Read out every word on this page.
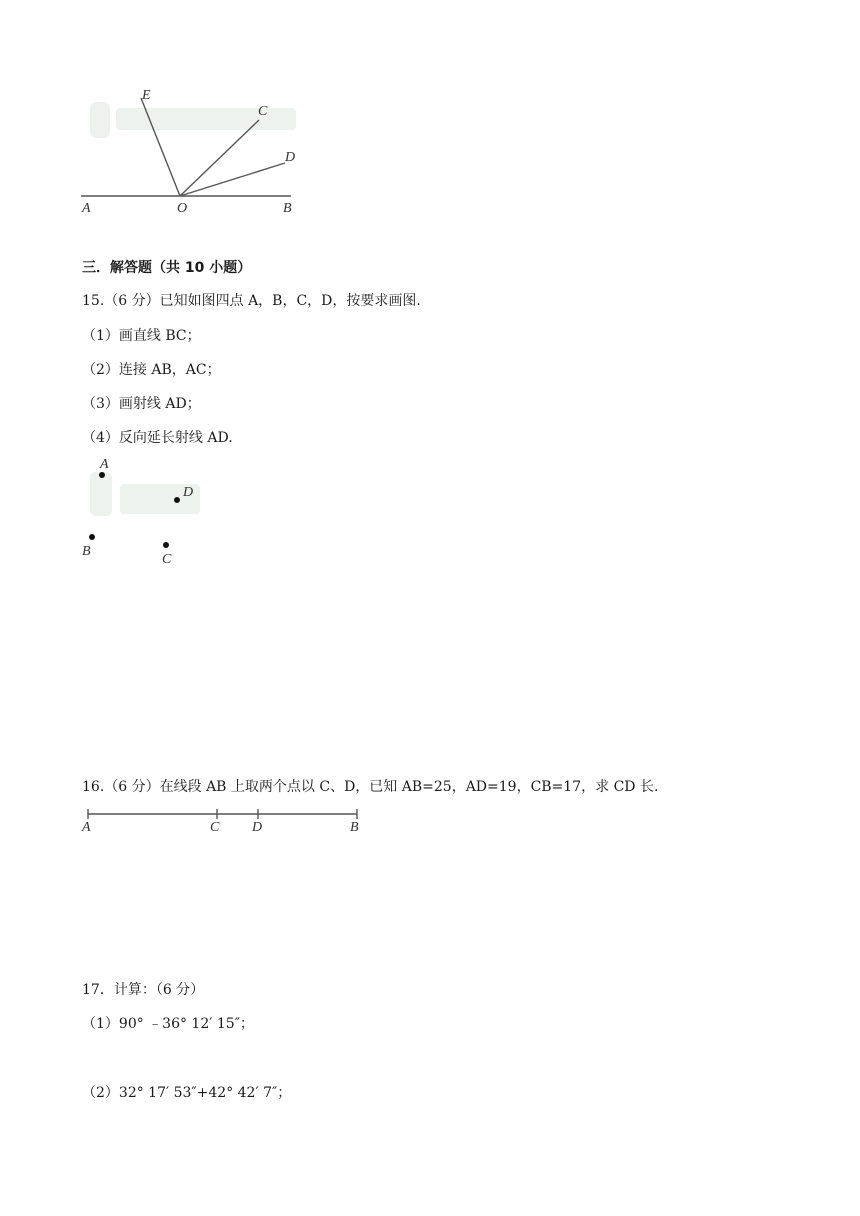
E
C
D
A	O	B
三．解答题（共 10 小题）
15.（6 分）已知如图四点 A，B，C，D，按要求画图.
（1）画直线 BC；
（2）连接 AB，AC；
（3）画射线 AD；
（4）反向延长射线 AD.
A
D
B
C
16.（6 分）在线段 AB 上取两个点以 C、D，已知 AB=25，AD=19，CB=17，求 CD 长.
A	C D	B
17．计算：（6 分）
（1）90° ﹣36° 12′ 15″；
（2）32° 17′ 53″+42° 42′ 7″；
